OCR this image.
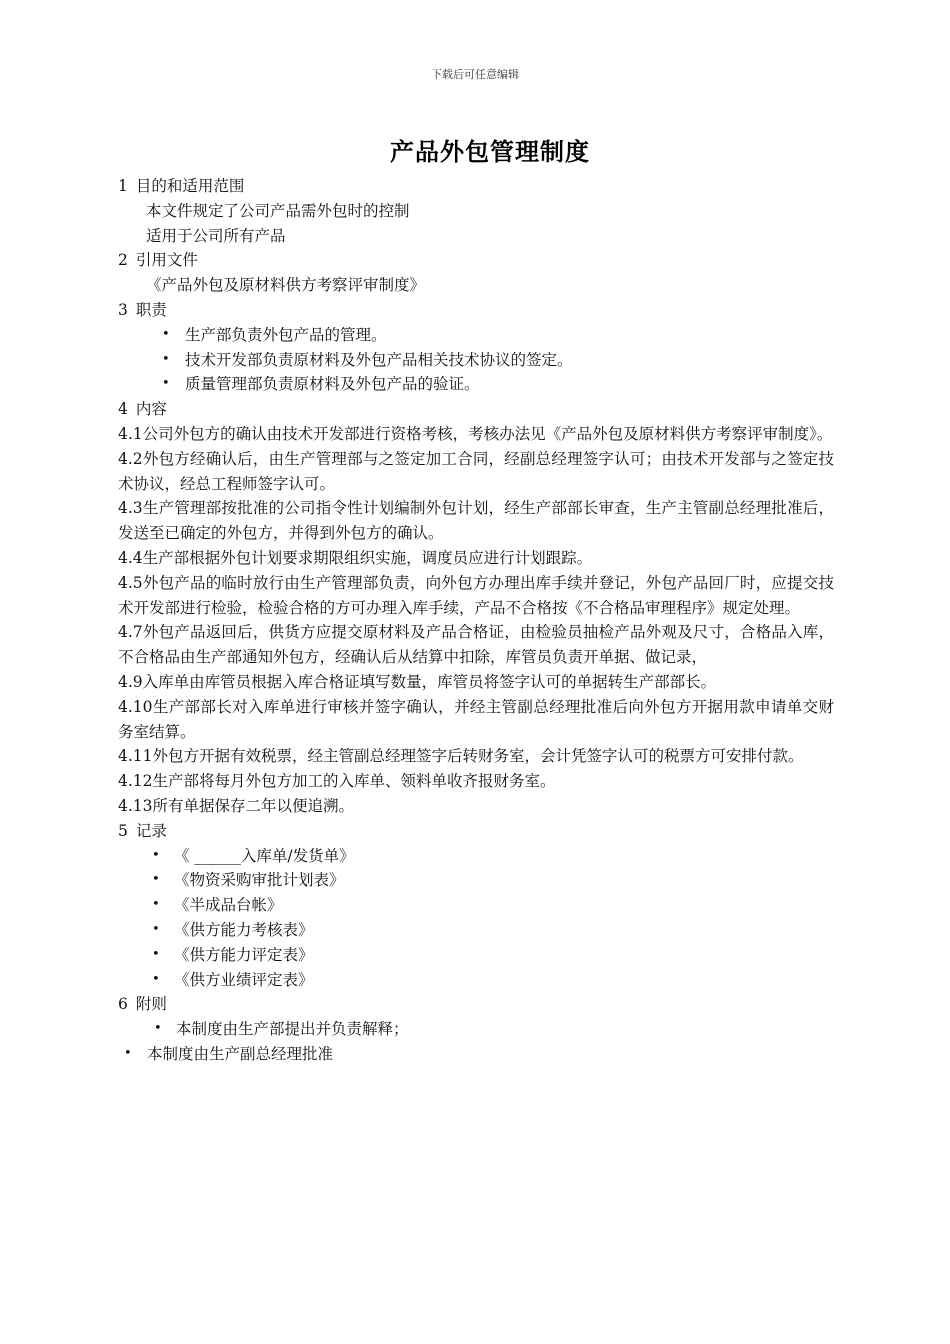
下载后可任意编辑
产品外包管理制度
1 目的和适用范围
本文件规定了公司产品需外包时的控制
适用于公司所有产品
2 引用文件
《产品外包及原材料供方考察评审制度》
3 职责
• 生产部负责外包产品的管理。
• 技术开发部负责原材料及外包产品相关技术协议的签定。
• 质量管理部负责原材料及外包产品的验证。
4 内容
4.1公司外包方的确认由技术开发部进行资格考核，考核办法见《产品外包及原材料供方考察评审制度》。
4.2外包方经确认后，由生产管理部与之签定加工合同，经副总经理签字认可；由技术开发部与之签定技术协议，经总工程师签字认可。
4.3生产管理部按批准的公司指令性计划编制外包计划，经生产部部长审查，生产主管副总经理批准后，发送至已确定的外包方，并得到外包方的确认。
4.4生产部根据外包计划要求期限组织实施，调度员应进行计划跟踪。
4.5外包产品的临时放行由生产管理部负责，向外包方办理出库手续并登记，外包产品回厂时，应提交技术开发部进行检验，检验合格的方可办理入库手续，产品不合格按《不合格品审理程序》规定处理。
4.7外包产品返回后，供货方应提交原材料及产品合格证，由检验员抽检产品外观及尺寸，合格品入库，不合格品由生产部通知外包方，经确认后从结算中扣除，库管员负责开单据、做记录，
4.9入库单由库管员根据入库合格证填写数量，库管员将签字认可的单据转生产部部长。
4.10生产部部长对入库单进行审核并签字确认，并经主管副总经理批准后向外包方开据用款申请单交财务室结算。
4.11外包方开据有效税票，经主管副总经理签字后转财务室，会计凭签字认可的税票方可安排付款。
4.12生产部将每月外包方加工的入库单、领料单收齐报财务室。
4.13所有单据保存二年以便追溯。
5 记录
• 《 ______入库单/发货单》
• 《物资采购审批计划表》
• 《半成品台帐》
• 《供方能力考核表》
• 《供方能力评定表》
• 《供方业绩评定表》
6 附则
• 本制度由生产部提出并负责解释；
• 本制度由生产副总经理批准
